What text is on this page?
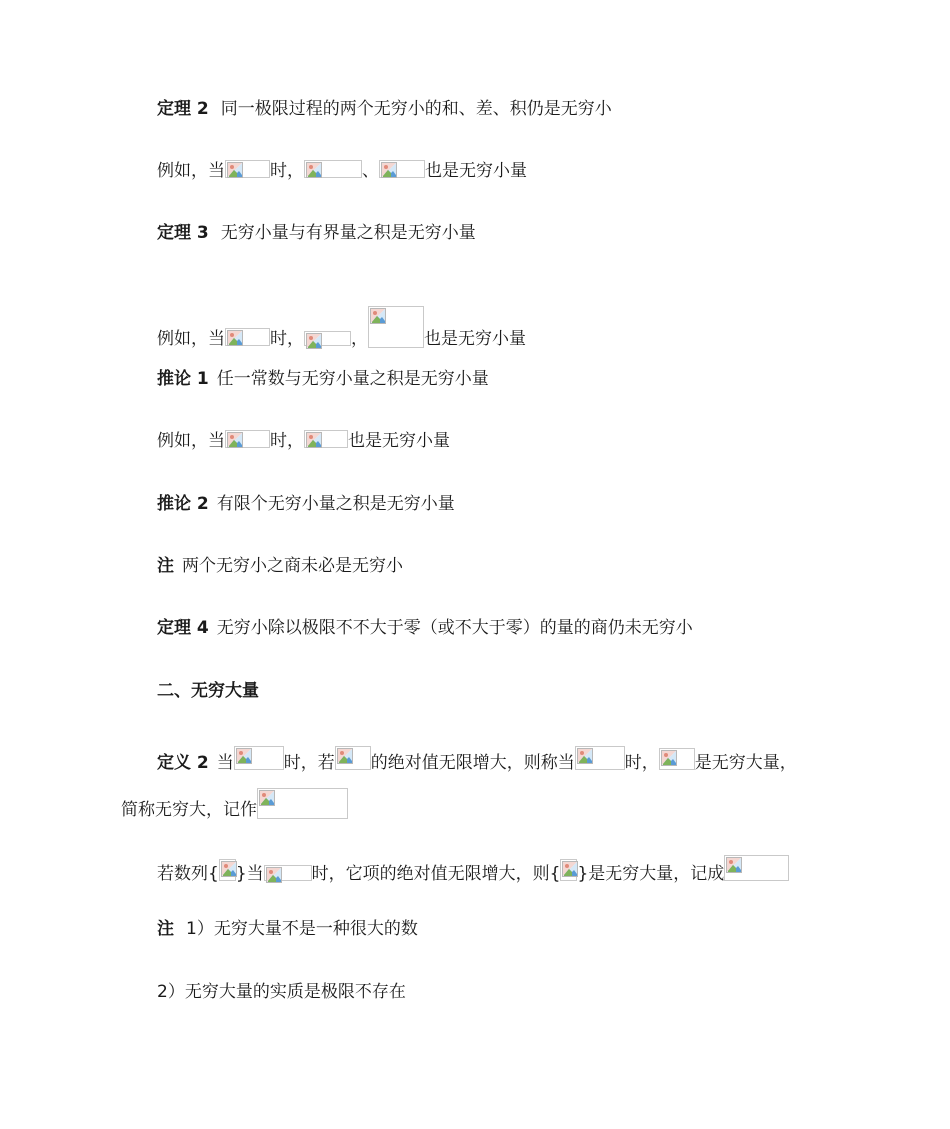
定理 2 同一极限过程的两个无穷小的和、差、积仍是无穷小
例如，当	时，	、	也是无穷小量
定理 3 无穷小量与有界量之积是无穷小量
例如，当	时，	，	也是无穷小量
推论 1 任一常数与无穷小量之积是无穷小量
例如，当	时，	也是无穷小量
推论 2 有限个无穷小量之积是无穷小量
注 两个无穷小之商未必是无穷小
定理 4 无穷小除以极限不不大于零（或不大于零）的量的商仍未无穷小
二、无穷大量
定义 2 当	时，若 的绝对值无限增大，则称当	时， 是无穷大量，
简称无穷大，记作
若数列{ }当	时，它项的绝对值无限增大，则{ }是无穷大量，记成
注 1）无穷大量不是一种很大的数
2）无穷大量的实质是极限不存在
